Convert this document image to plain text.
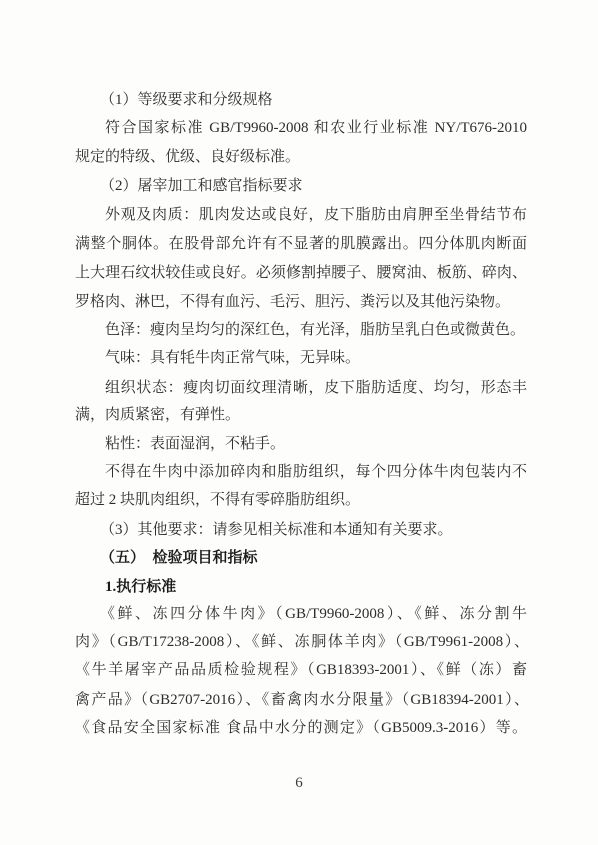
（1）等级要求和分级规格
符合国家标准 GB/T9960-2008 和农业行业标准 NY/T676-2010
规定的特级、优级、良好级标准。
（2）屠宰加工和感官指标要求
外观及肉质：肌肉发达或良好，皮下脂肪由肩胛至坐骨结节布
满整个胴体。在股骨部允许有不显著的肌膜露出。四分体肌肉断面
上大理石纹状较佳或良好。必须修割掉腰子、腰窝油、板筋、碎肉、
罗格肉、淋巴，不得有血污、毛污、胆污、粪污以及其他污染物。
色泽：瘦肉呈均匀的深红色，有光泽，脂肪呈乳白色或微黄色。
气味：具有牦牛肉正常气味，无异味。
组织状态：瘦肉切面纹理清晰，皮下脂肪适度、均匀，形态丰
满，肉质紧密，有弹性。
粘性：表面湿润，不粘手。
不得在牛肉中添加碎肉和脂肪组织，每个四分体牛肉包装内不
超过 2 块肌肉组织，不得有零碎脂肪组织。
（3）其他要求：请参见相关标准和本通知有关要求。
（五）  检验项目和指标
1.执行标准
《鲜、冻四分体牛肉》（GB/T9960-2008）、《鲜、冻分割牛
肉》（GB/T17238-2008）、《鲜、冻胴体羊肉》（GB/T9961-2008）、
《牛羊屠宰产品品质检验规程》（GB18393-2001）、《鲜（冻）畜
禽产品》（GB2707-2016）、《畜禽肉水分限量》（GB18394-2001）、
《食品安全国家标准 食品中水分的测定》（GB5009.3-2016）等。
6
